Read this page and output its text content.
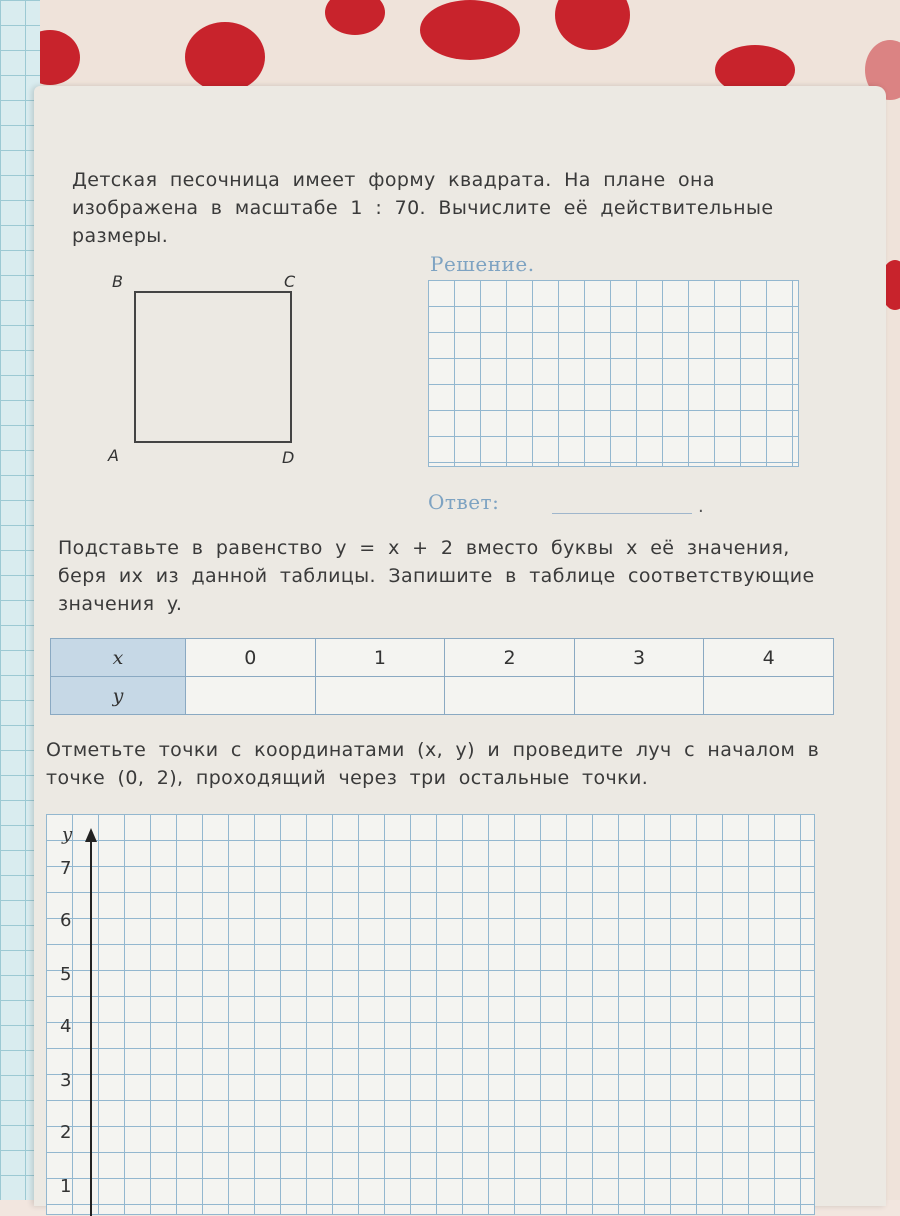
Детская песочница имеет форму квадрата. На плане она изображена в масштабе 1 : 70. Вычислите её действительные размеры.
B	C
A	D
Решение.
Ответ:	.
Подставьте в равенство y = x + 2 вместо буквы x её значения, беря их из данной таблицы. Запишите в таблице соответствующие значения y.
x	0	1	2	3	4
y					
Отметьте точки с координатами (x, y) и проведите луч с началом в точке (0, 2), проходящий через три остальные точки.
y
7
6
5
4
3
2
1
